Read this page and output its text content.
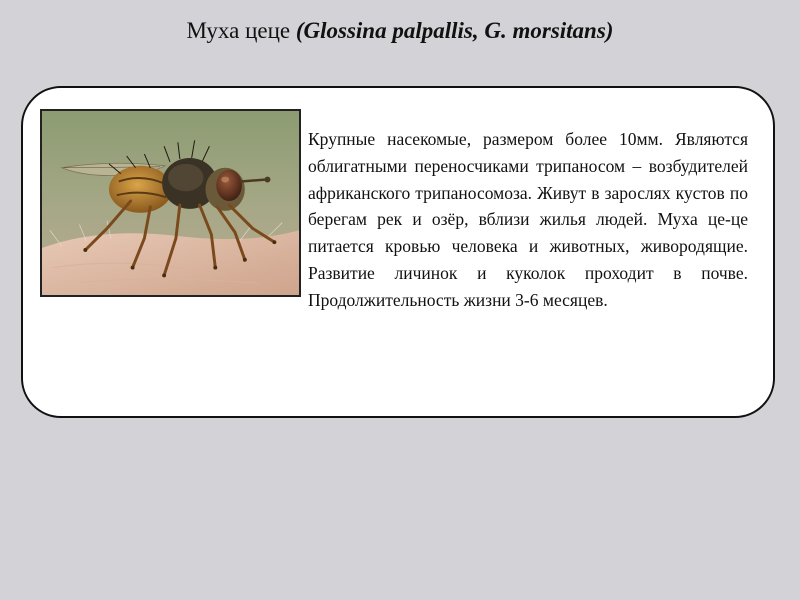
Муха цеце (Glossina palpallis, G. morsitans)

Крупные насекомые, размером более 10мм. Являются облигатными переносчиками трипаносом – возбудителей африканского трипаносомоза. Живут в зарослях кустов по берегам рек и озёр, вблизи жилья людей. Муха це-це питается кровью человека и животных, живородящие. Развитие личинок и куколок проходит в почве. Продолжительность жизни 3-6 месяцев.
